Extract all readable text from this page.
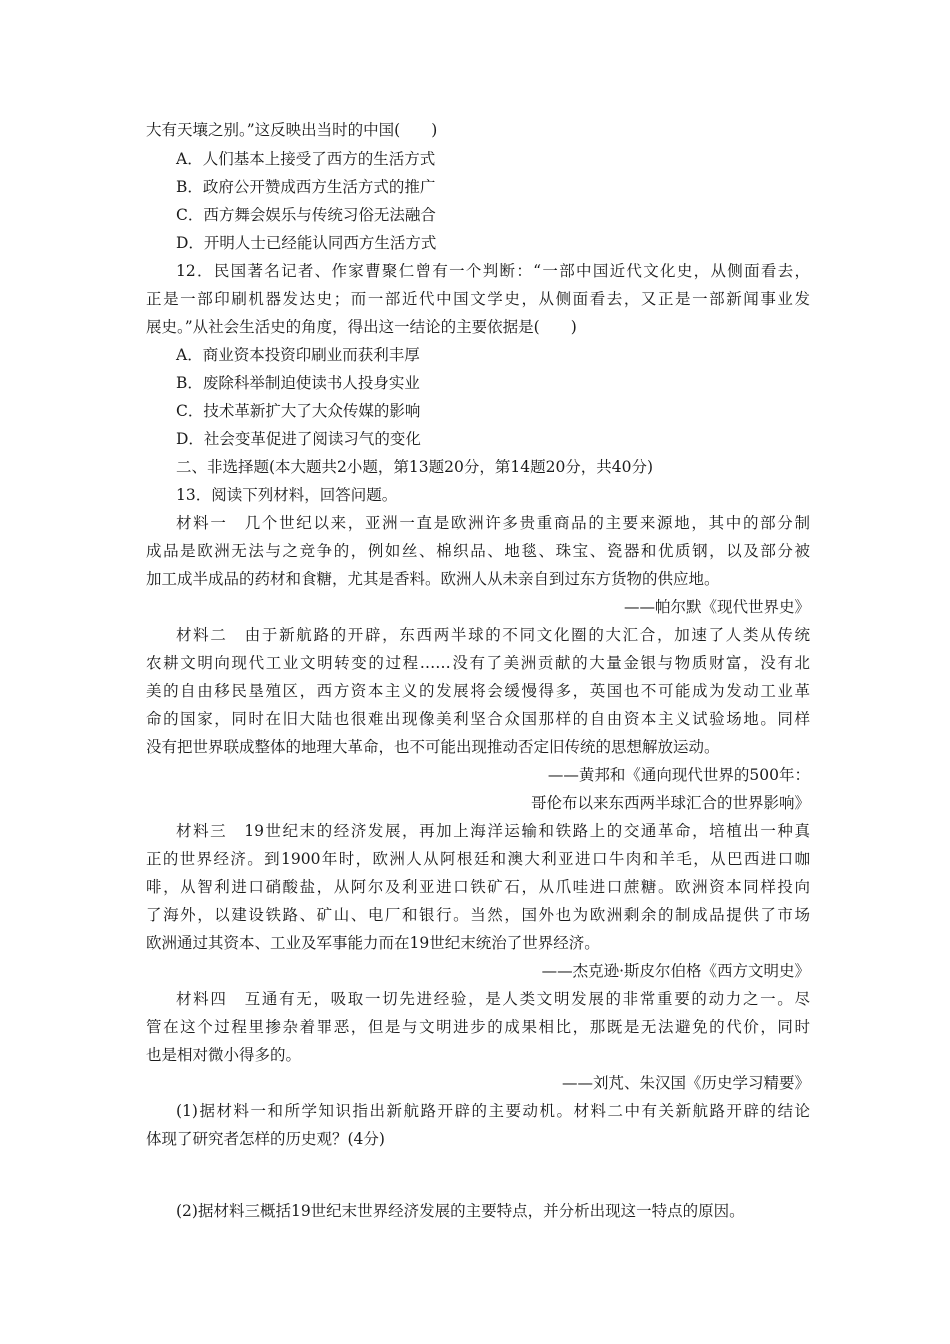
大有天壤之别。”这反映出当时的中国(　　)
A．人们基本上接受了西方的生活方式
B．政府公开赞成西方生活方式的推广
C．西方舞会娱乐与传统习俗无法融合
D．开明人士已经能认同西方生活方式
12．民国著名记者、作家曹聚仁曾有一个判断：“一部中国近代文化史，从侧面看去，
正是一部印刷机器发达史；而一部近代中国文学史，从侧面看去，又正是一部新闻事业发
展史。”从社会生活史的角度，得出这一结论的主要依据是(　　)
A．商业资本投资印刷业而获利丰厚
B．废除科举制迫使读书人投身实业
C．技术革新扩大了大众传媒的影响
D．社会变革促进了阅读习气的变化
二、非选择题(本大题共2小题，第13题20分，第14题20分，共40分)
13．阅读下列材料，回答问题。
材料一　几个世纪以来，亚洲一直是欧洲许多贵重商品的主要来源地，其中的部分制
成品是欧洲无法与之竞争的，例如丝、棉织品、地毯、珠宝、瓷器和优质钢，以及部分被
加工成半成品的药材和食糖，尤其是香料。欧洲人从未亲自到过东方货物的供应地。
——帕尔默《现代世界史》
材料二　由于新航路的开辟，东西两半球的不同文化圈的大汇合，加速了人类从传统
农耕文明向现代工业文明转变的过程……没有了美洲贡献的大量金银与物质财富，没有北
美的自由移民垦殖区，西方资本主义的发展将会缓慢得多，英国也不可能成为发动工业革
命的国家，同时在旧大陆也很难出现像美利坚合众国那样的自由资本主义试验场地。同样
没有把世界联成整体的地理大革命，也不可能出现推动否定旧传统的思想解放运动。
——黄邦和《通向现代世界的500年：
哥伦布以来东西两半球汇合的世界影响》
材料三　19世纪末的经济发展，再加上海洋运输和铁路上的交通革命，培植出一种真
正的世界经济。到1900年时，欧洲人从阿根廷和澳大利亚进口牛肉和羊毛，从巴西进口咖
啡，从智利进口硝酸盐，从阿尔及利亚进口铁矿石，从爪哇进口蔗糖。欧洲资本同样投向
了海外，以建设铁路、矿山、电厂和银行。当然，国外也为欧洲剩余的制成品提供了市场
欧洲通过其资本、工业及军事能力而在19世纪末统治了世界经济。
——杰克逊·斯皮尔伯格《西方文明史》
材料四　互通有无，吸取一切先进经验，是人类文明发展的非常重要的动力之一。尽
管在这个过程里掺杂着罪恶，但是与文明进步的成果相比，那既是无法避免的代价，同时
也是相对微小得多的。
——刘芃、朱汉国《历史学习精要》
(1)据材料一和所学知识指出新航路开辟的主要动机。材料二中有关新航路开辟的结论
体现了研究者怎样的历史观？(4分)
(2)据材料三概括19世纪末世界经济发展的主要特点，并分析出现这一特点的原因。
